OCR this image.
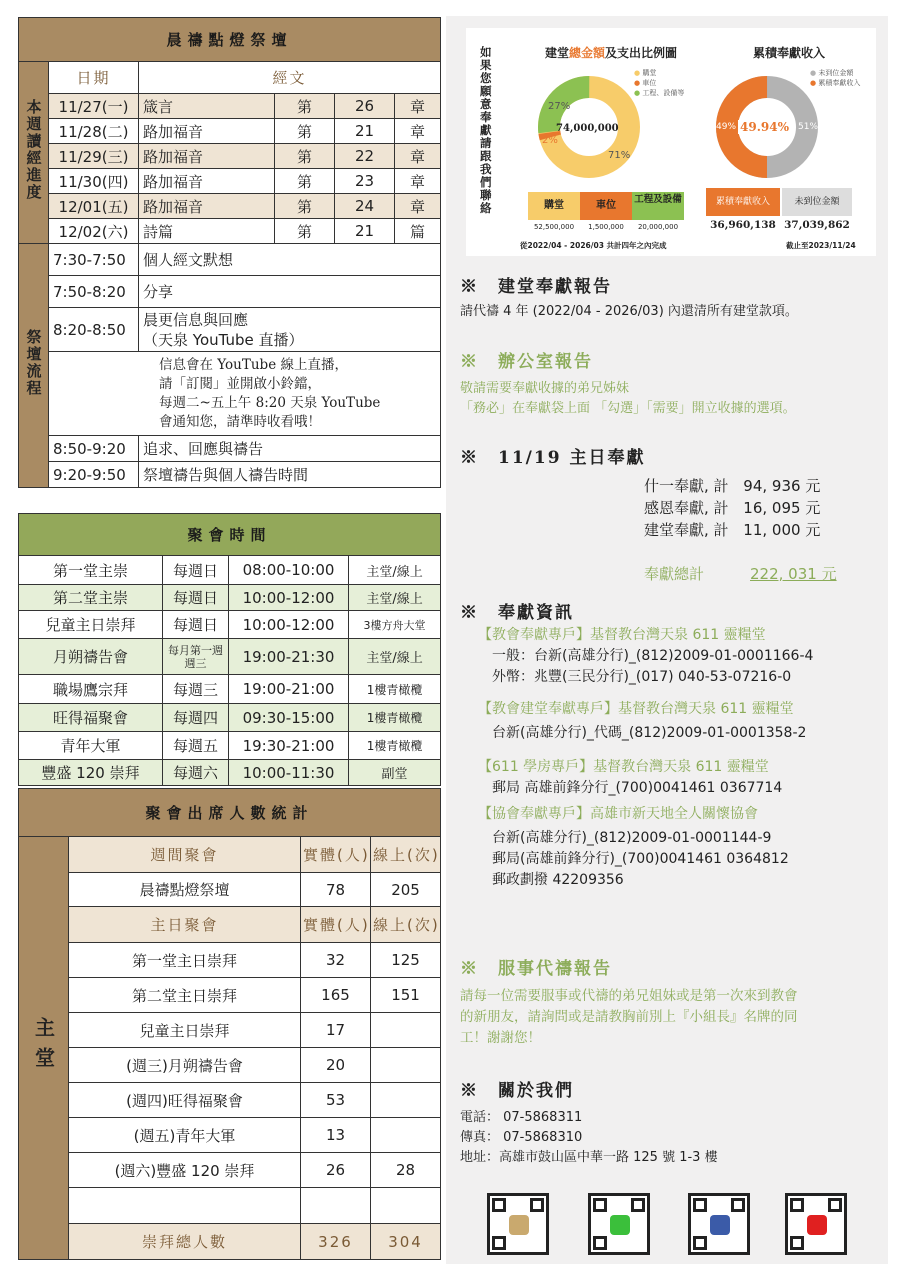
晨禱點燈祭壇					
本週讀經進度	日期	經文			
	11/27(一)	箴言	第	26	章
	11/28(二)	路加福音	第	21	章
	11/29(三)	路加福音	第	22	章
	11/30(四)	路加福音	第	23	章
	12/01(五)	路加福音	第	24	章
	12/02(六)	詩篇	第	21	篇
祭壇流程	7:30-7:50	個人經文默想			
	7:50-8:20	分享			
	8:20-8:50	晨更信息與回應
（天泉 YouTube 直播）			

	信息會在 YouTube 線上直播，
請「訂閱」並開啟小鈴鐺，
每週二~五上午 8:20 天泉 YouTube
會通知您，請準時收看哦！				

	8:50-9:20	追求、回應與禱告			
	9:20-9:50	祭壇禱告與個人禱告時間			
聚會時間			
第一堂主崇	每週日	08:00-10:00	主堂/線上
第二堂主崇	每週日	10:00-12:00	主堂/線上
兒童主日崇拜	每週日	10:00-12:00	3樓方舟大堂
月朔禱告會	每月第一週週三	19:00-21:30	主堂/線上
職場鷹宗拜	每週三	19:00-21:00	1樓青橄欖
旺得福聚會	每週四	09:30-15:00	1樓青橄欖
青年大軍	每週五	19:30-21:00	1樓青橄欖
豐盛 120 崇拜	每週六	10:00-11:30	副堂
聚會出席人數統計			
主堂	週間聚會	實體(人)	線上(次)
	晨禱點燈祭壇	78	205
	主日聚會	實體(人)	線上(次)
	第一堂主日崇拜	32	125
	第二堂主日崇拜	165	151
	兒童主日崇拜	17	
	(週三)月朔禱告會	20	
	(週四)旺得福聚會	53	
	(週五)青年大軍	13	
	(週六)豐盛 120 崇拜	26	28

	崇拜總人數	326	304
如果您願意奉獻請跟我們聯絡
建堂總金額及支出比例圖	累積奉獻收入
74,000,000
27%
2%
71%
● 購堂
● 車位
● 工程、設備等
49% 49.94% 51%
● 未到位金額
● 累積奉獻收入
購堂	車位
工程及設備
52,500,000	1,500,000	20,000,000
累積奉獻收入	未到位金額
36,960,138 37,039,862
從2022/04 - 2026/03 共計四年之內完成	截止至2023/11/24
※　建堂奉獻報告
請代禱 4 年 (2022/04 - 2026/03) 內還清所有建堂款項。
※　辦公室報告
敬請需要奉獻收據的弟兄姊妹
「務必」在奉獻袋上面 「勾選」「需要」開立收據的選項。
※　11/19 主日奉獻
什一奉獻, 計 94, 936 元
感恩奉獻, 計 16, 095 元
建堂奉獻, 計 11, 000 元
奉獻總計	222, 031 元
※　奉獻資訊
【教會奉獻專戶】基督教台灣天泉 611 靈糧堂
一般：台新(高雄分行)_(812)2009-01-0001166-4
外幣：兆豐(三民分行)_(017) 040-53-07216-0
【教會建堂奉獻專戶】基督教台灣天泉 611 靈糧堂
台新(高雄分行)_代碼_(812)2009-01-0001358-2
【611 學房專戶】基督教台灣天泉 611 靈糧堂
郵局 高雄前鋒分行_(700)0041461 0367714
【協會奉獻專戶】高雄市新天地全人關懷協會
台新(高雄分行)_(812)2009-01-0001144-9
郵局(高雄前鋒分行)_(700)0041461 0364812
郵政劃撥 42209356
※　服事代禱報告
請每一位需要服事或代禱的弟兄姐妹或是第一次來到教會
的新朋友，請詢問或是請教胸前別上『小組長』名牌的同
工！謝謝您！
※　關於我們
電話： 07-5868311
傳真： 07-5868310
地址：高雄市鼓山區中華一路 125 號 1-3 樓
